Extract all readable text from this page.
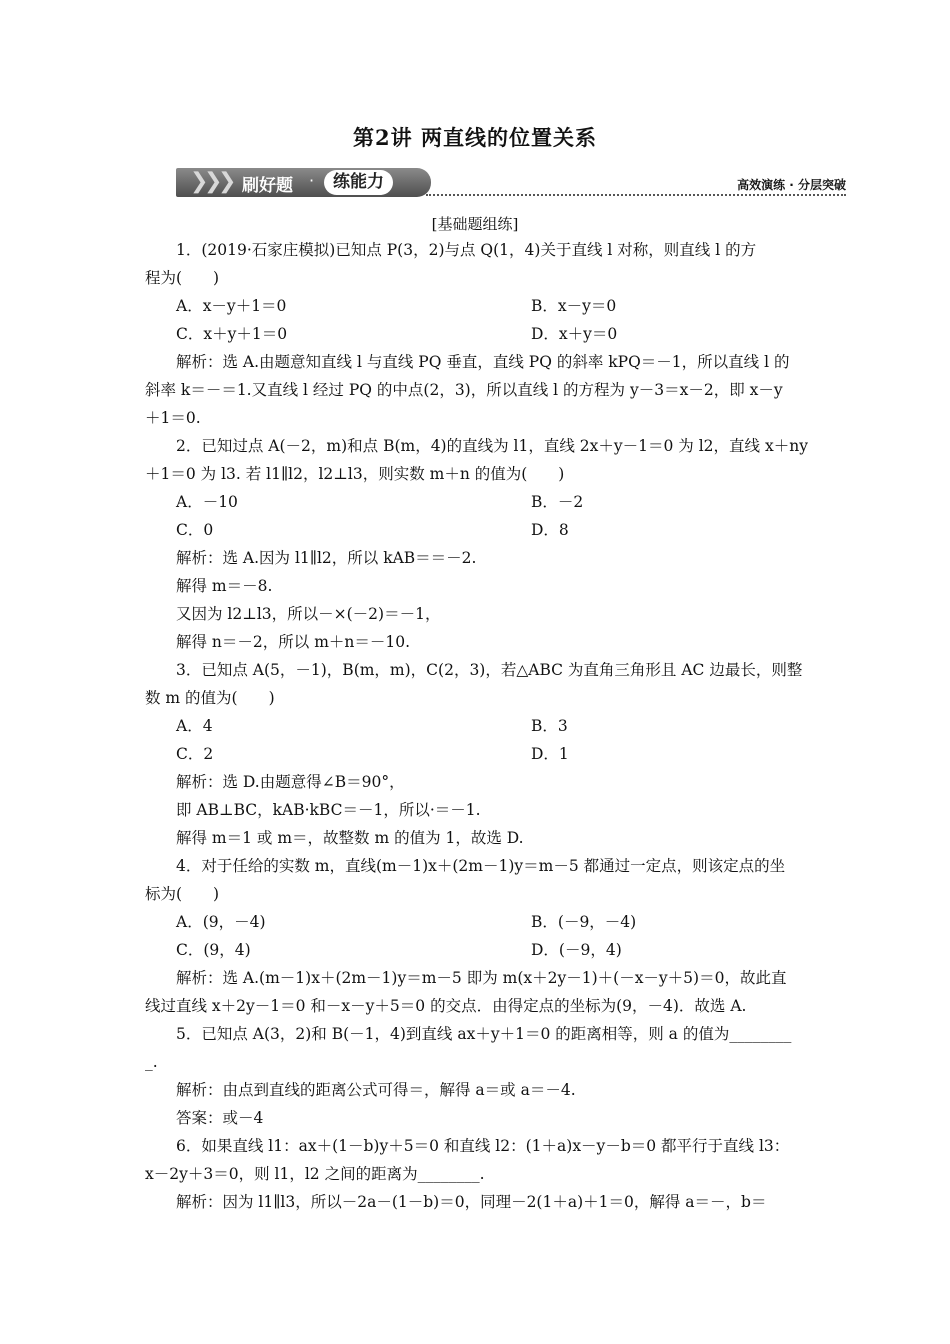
第2讲 两直线的位置关系
❯
❯
❯ 刷好题 ·	练能力	高效演练 · 分层突破
[基础题组练]
1．(2019·石家庄模拟)已知点 P(3，2)与点 Q(1，4)关于直线 l 对称，则直线 l 的方
程为(　　)
A．x－y＋1＝0	B．x－y＝0
C．x＋y＋1＝0	D．x＋y＝0
解析：选 A.由题意知直线 l 与直线 PQ 垂直，直线 PQ 的斜率 kPQ＝－1，所以直线 l 的
斜率 k＝－＝1.又直线 l 经过 PQ 的中点(2，3)，所以直线 l 的方程为 y－3＝x－2，即 x－y
＋1＝0.
2．已知过点 A(－2，m)和点 B(m，4)的直线为 l1，直线 2x＋y－1＝0 为 l2，直线 x＋ny
＋1＝0 为 l3. 若 l1∥l2，l2⊥l3，则实数 m＋n 的值为(　　)
A．－10	B．－2
C．0	D．8
解析：选 A.因为 l1∥l2，所以 kAB＝＝－2.
解得 m＝－8.
又因为 l2⊥l3，所以－×(－2)＝－1，
解得 n＝－2，所以 m＋n＝－10.
3．已知点 A(5，－1)，B(m，m)，C(2，3)，若△ABC 为直角三角形且 AC 边最长，则整
数 m 的值为(　　)
A．4	B．3
C．2	D．1
解析：选 D.由题意得∠B＝90°，
即 AB⊥BC，kAB·kBC＝－1，所以·＝－1.
解得 m＝1 或 m＝，故整数 m 的值为 1，故选 D.
4．对于任给的实数 m，直线(m－1)x＋(2m－1)y＝m－5 都通过一定点，则该定点的坐
标为(　　)
A．(9，－4)	B．(－9，－4)
C．(9，4)	D．(－9，4)
解析：选 A.(m－1)x＋(2m－1)y＝m－5 即为 m(x＋2y－1)＋(－x－y＋5)＝0，故此直
线过直线 x＋2y－1＝0 和－x－y＋5＝0 的交点．由得定点的坐标为(9，－4)．故选 A.
5．已知点 A(3，2)和 B(－1，4)到直线 ax＋y＋1＝0 的距离相等，则 a 的值为________
_.
解析：由点到直线的距离公式可得＝，解得 a＝或 a＝－4.
答案：或－4
6．如果直线 l1：ax＋(1－b)y＋5＝0 和直线 l2：(1＋a)x－y－b＝0 都平行于直线 l3：
x－2y＋3＝0，则 l1，l2 之间的距离为________.
解析：因为 l1∥l3，所以－2a－(1－b)＝0，同理－2(1＋a)＋1＝0，解得 a＝－，b＝
